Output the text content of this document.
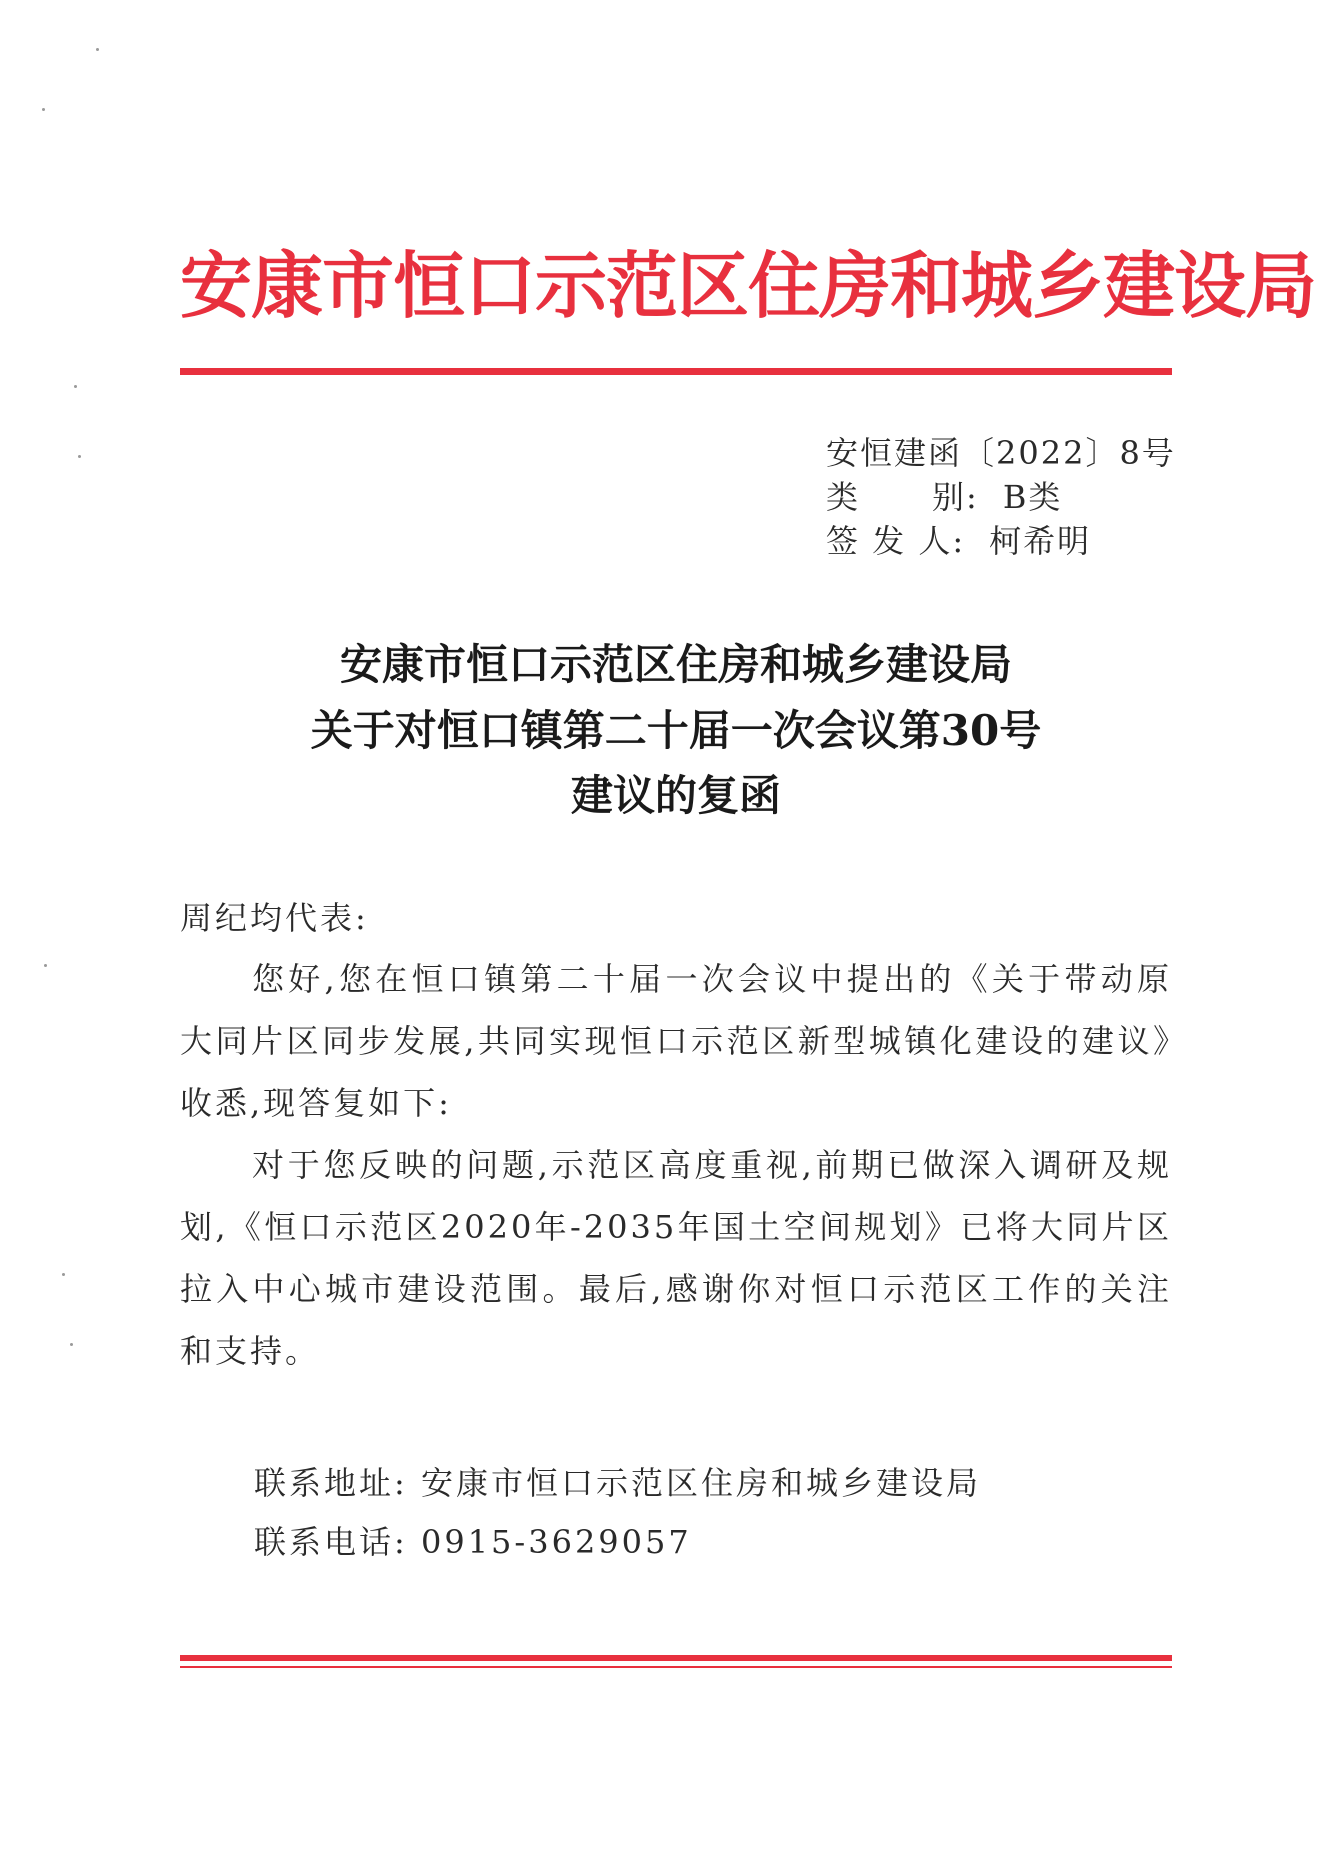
安康市恒口示范区住房和城乡建设局
安恒建函〔2022〕8号
类 别: B类
签 发 人: 柯希明
安康市恒口示范区住房和城乡建设局
关于对恒口镇第二十届一次会议第30号
建议的复函
周纪均代表:

您好,您在恒口镇第二十届一次会议中提出的《关于带动原大同片区同步发展,共同实现恒口示范区新型城镇化建设的建议》收悉,现答复如下:

对于您反映的问题,示范区高度重视,前期已做深入调研及规划,《恒口示范区2020年-2035年国土空间规划》已将大同片区拉入中心城市建设范围。最后,感谢你对恒口示范区工作的关注和支持。

联系地址: 安康市恒口示范区住房和城乡建设局
联系电话: 0915-3629057
